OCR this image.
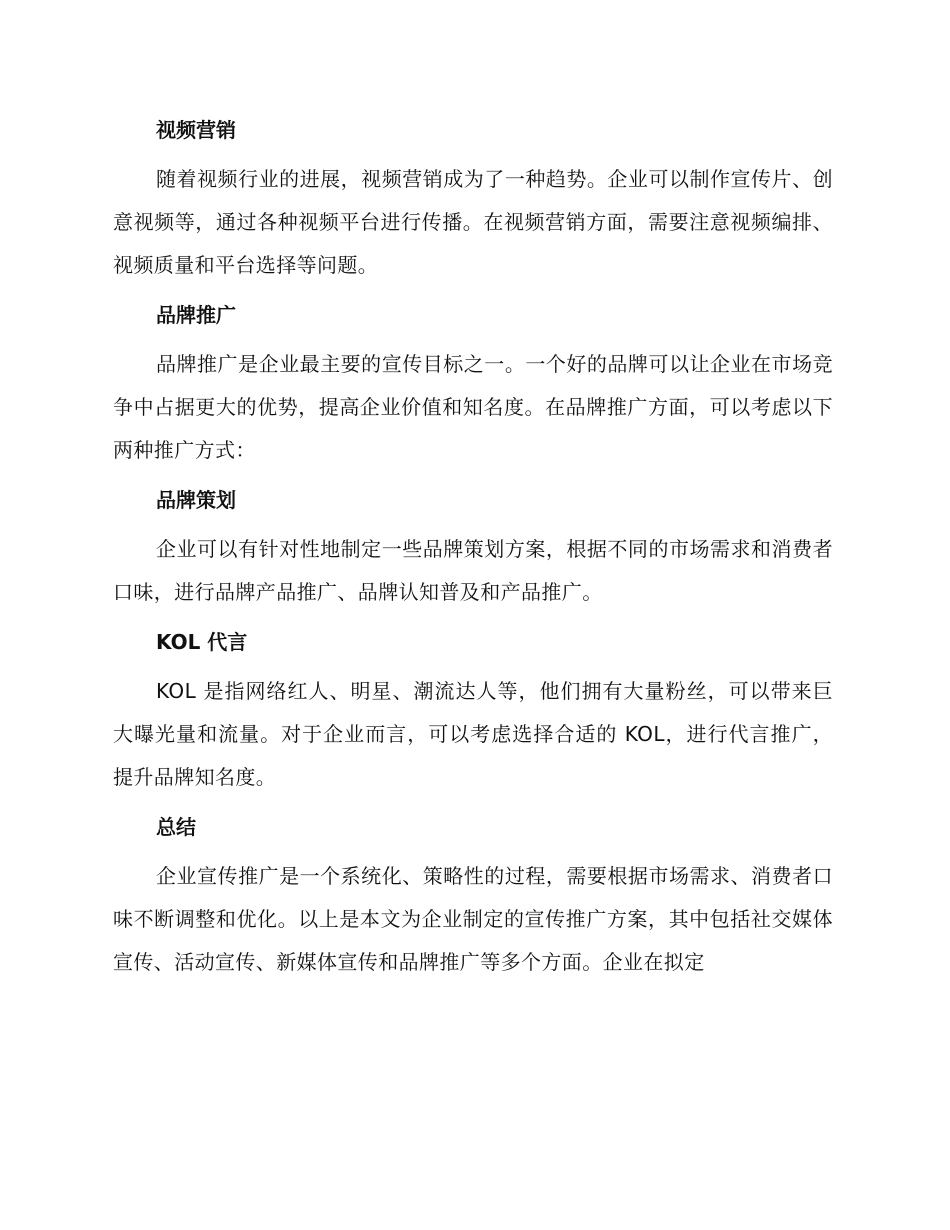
视频营销

随着视频行业的进展，视频营销成为了一种趋势。企业可以制作宣传片、创意视频等，通过各种视频平台进行传播。在视频营销方面，需要注意视频编排、视频质量和平台选择等问题。

品牌推广

品牌推广是企业最主要的宣传目标之一。一个好的品牌可以让企业在市场竞争中占据更大的优势，提高企业价值和知名度。在品牌推广方面，可以考虑以下两种推广方式：

品牌策划

企业可以有针对性地制定一些品牌策划方案，根据不同的市场需求和消费者口味，进行品牌产品推广、品牌认知普及和产品推广。

KOL 代言

KOL 是指网络红人、明星、潮流达人等，他们拥有大量粉丝，可以带来巨大曝光量和流量。对于企业而言，可以考虑选择合适的 KOL，进行代言推广，提升品牌知名度。

总结

企业宣传推广是一个系统化、策略性的过程，需要根据市场需求、消费者口味不断调整和优化。以上是本文为企业制定的宣传推广方案，其中包括社交媒体宣传、活动宣传、新媒体宣传和品牌推广等多个方面。企业在拟定
